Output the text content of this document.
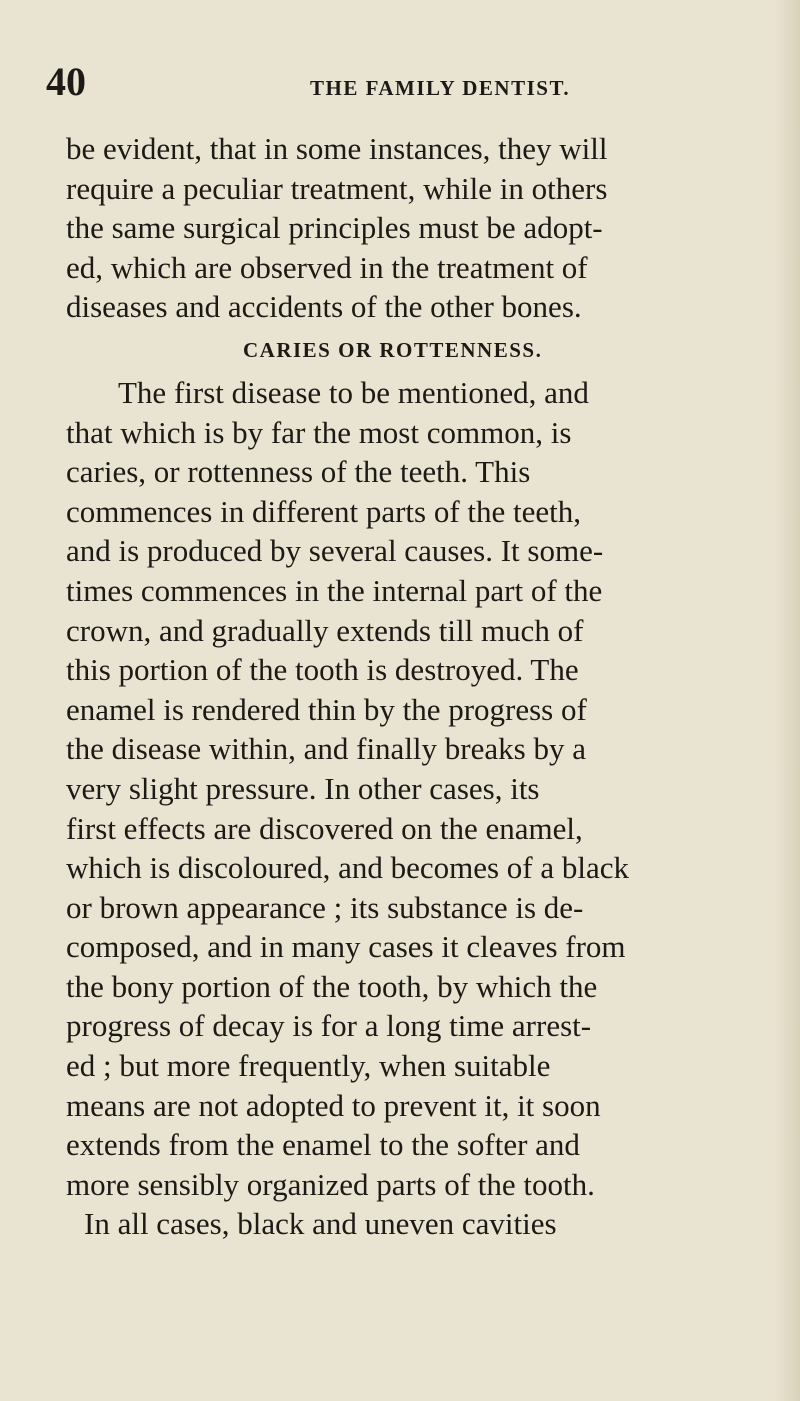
40	THE FAMILY DENTIST.
be evident, that in some instances, they will
require a peculiar treatment, while in others
the same surgical principles must be adopt-
ed, which are observed in the treatment of
diseases and accidents of the other bones.
CARIES OR ROTTENNESS.
The first disease to be mentioned, and
that which is by far the most common, is
caries, or rottenness of the teeth. This
commences in different parts of the teeth,
and is produced by several causes. It some-
times commences in the internal part of the
crown, and gradually extends till much of
this portion of the tooth is destroyed. The
enamel is rendered thin by the progress of
the disease within, and finally breaks by a
very slight pressure. In other cases, its
first effects are discovered on the enamel,
which is discoloured, and becomes of a black
or brown appearance ; its substance is de-
composed, and in many cases it cleaves from
the bony portion of the tooth, by which the
progress of decay is for a long time arrest-
ed ; but more frequently, when suitable
means are not adopted to prevent it, it soon
extends from the enamel to the softer and
more sensibly organized parts of the tooth.
In all cases, black and uneven cavities
